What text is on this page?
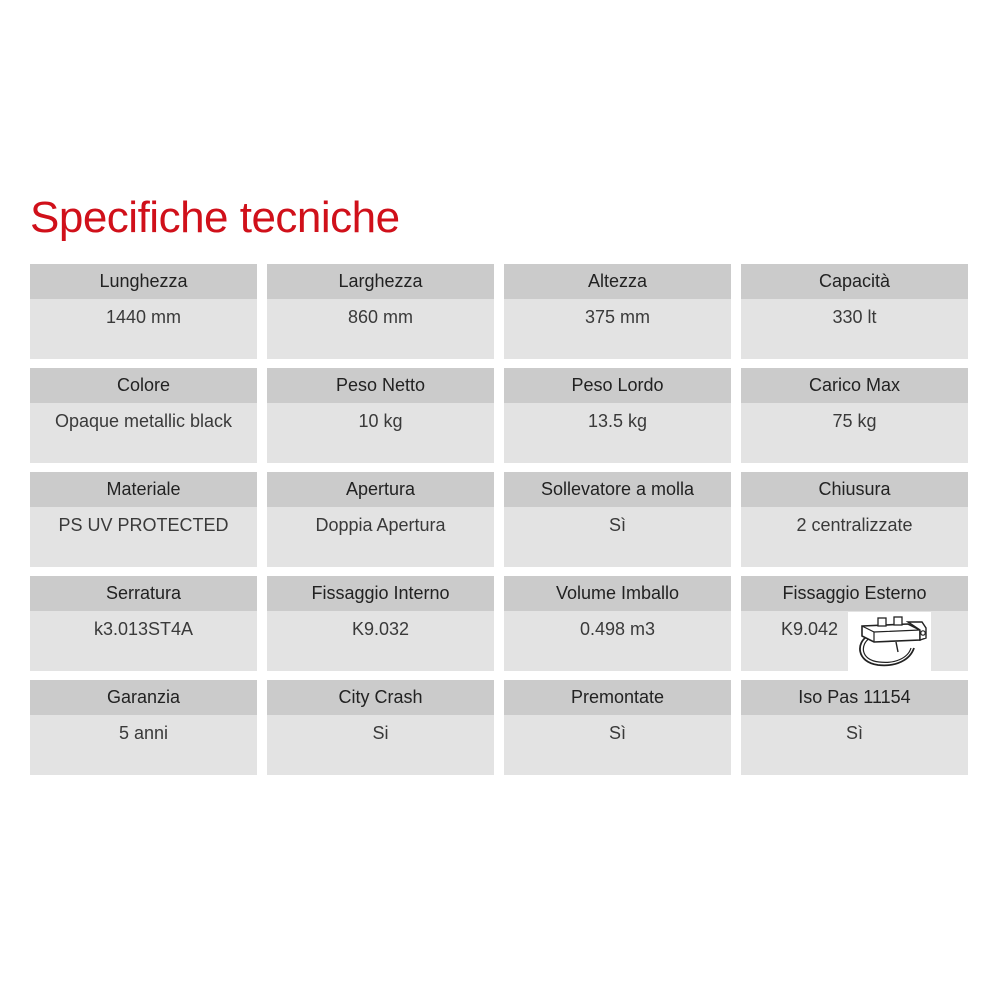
Specifiche tecniche
Lunghezza
1440 mm
Larghezza
860 mm
Altezza
375 mm
Capacità
330 lt
Colore
Opaque metallic black
Peso Netto
10 kg
Peso Lordo
13.5 kg
Carico Max
75 kg
Materiale
PS UV PROTECTED
Apertura
Doppia Apertura
Sollevatore a molla
Sì
Chiusura
2 centralizzate
Serratura
k3.013ST4A
Fissaggio Interno
K9.032
Volume Imballo
0.498 m3
Fissaggio Esterno
K9.042
Garanzia
5 anni
City Crash
Si
Premontate
Sì
Iso Pas 11154
Sì
